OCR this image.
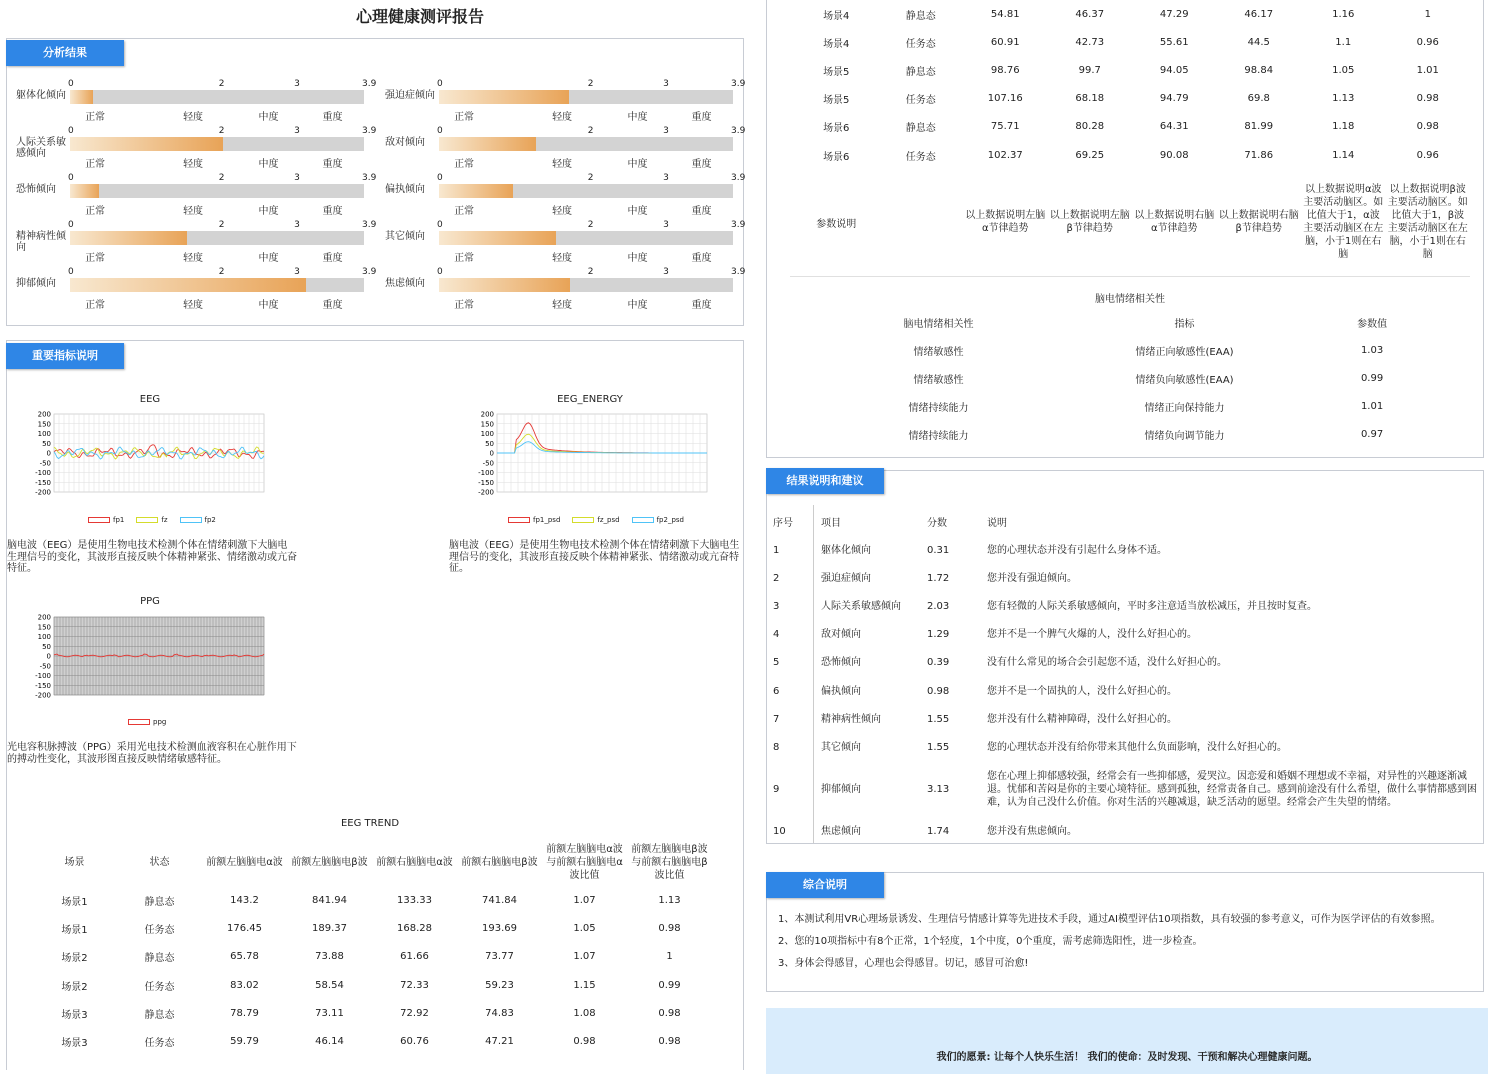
心理健康测评报告
分析结果
躯体化倾向
0	2	3	3.9
正常	轻度	中度	重度
人际关系敏感倾向
0	2	3	3.9
正常	轻度	中度	重度
恐怖倾向
0	2	3	3.9
正常	轻度	中度	重度
精神病性倾向
0	2	3	3.9
正常	轻度	中度	重度
抑郁倾向
0	2	3	3.9
正常	轻度	中度	重度
强迫症倾向
0	2	3	3.9
正常	轻度	中度	重度
敌对倾向
0	2	3	3.9
正常	轻度	中度	重度
偏执倾向
0	2	3	3.9
正常	轻度	中度	重度
其它倾向
0	2	3	3.9
正常	轻度	中度	重度
焦虑倾向
0	2	3	3.9
正常	轻度	中度	重度
重要指标说明
EEG
200
150
100
50
0
-50
-100
-150
-200
fp1	fz	fp2
脑电波（EEG）是使用生物电技术检测个体在情绪刺激下大脑电生理信号的变化，其波形直接反映个体精神紧张、情绪激动或亢奋特征。
EEG_ENERGY
200
150
100
50
0
-50
-100
-150
-200
fp1_psd	fz_psd	fp2_psd
脑电波（EEG）是使用生物电技术检测个体在情绪刺激下大脑电生理信号的变化，其波形直接反映个体精神紧张、情绪激动或亢奋特征。
PPG
200
150
100
50
0
-50
-100
-150
-200
ppg
光电容积脉搏波（PPG）采用光电技术检测血液容积在心脏作用下的搏动性变化，其波形图直接反映情绪敏感特征。
EEG TREND
场景	状态	前额左脑脑电α波	前额左脑脑电β波	前额右脑脑电α波	前额右脑脑电β波	前额左脑脑电α波与前额右脑脑电α波比值	前额左脑脑电β波与前额右脑脑电β波比值
场景1	静息态	143.2	841.94	133.33	741.84	1.07	1.13
场景1	任务态	176.45	189.37	168.28	193.69	1.05	0.98
场景2	静息态	65.78	73.88	61.66	73.77	1.07	1
场景2	任务态	83.02	58.54	72.33	59.23	1.15	0.99
场景3	静息态	78.79	73.11	72.92	74.83	1.08	0.98
场景3	任务态	59.79	46.14	60.76	47.21	0.98	0.98
场景4	静息态	54.81	46.37	47.29	46.17	1.16	1
场景4	任务态	60.91	42.73	55.61	44.5	1.1	0.96
场景5	静息态	98.76	99.7	94.05	98.84	1.05	1.01
场景5	任务态	107.16	68.18	94.79	69.8	1.13	0.98
场景6	静息态	75.71	80.28	64.31	81.99	1.18	0.98
场景6	任务态	102.37	69.25	90.08	71.86	1.14	0.96
参数说明		以上数据说明左脑α节律趋势	以上数据说明左脑β节律趋势	以上数据说明右脑α节律趋势	以上数据说明右脑β节律趋势	以上数据说明α波主要活动脑区。如比值大于1，α波主要活动脑区在左脑，小于1则在右脑	以上数据说明β波主要活动脑区。如比值大于1，β波主要活动脑区在左脑，小于1则在右脑
脑电情绪相关性
脑电情绪相关性	指标	参数值
情绪敏感性	情绪正向敏感性(EAA)	1.03
情绪敏感性	情绪负向敏感性(EAA)	0.99
情绪持续能力	情绪正向保持能力	1.01
情绪持续能力	情绪负向调节能力	0.97
结果说明和建议
序号	项目	分数	说明
1	躯体化倾向	0.31	您的心理状态并没有引起什么身体不适。
2	强迫症倾向	1.72	您并没有强迫倾向。
3	人际关系敏感倾向	2.03	您有轻微的人际关系敏感倾向，平时多注意适当放松减压，并且按时复查。
4	敌对倾向	1.29	您并不是一个脾气火爆的人，没什么好担心的。
5	恐怖倾向	0.39	没有什么常见的场合会引起您不适，没什么好担心的。
6	偏执倾向	0.98	您并不是一个固执的人，没什么好担心的。
7	精神病性倾向	1.55	您并没有什么精神障碍，没什么好担心的。
8	其它倾向	1.55	您的心理状态并没有给你带来其他什么负面影响，没什么好担心的。
9	抑郁倾向	3.13	您在心理上抑郁感较强，经常会有一些抑郁感，爱哭泣。因恋爱和婚姻不理想或不幸福，对异性的兴趣逐渐减退。忧郁和苦闷是你的主要心境特征。感到孤独，经常责备自己。感到前途没有什么希望，做什么事情都感到困难，认为自己没什么价值。你对生活的兴趣减退，缺乏活动的愿望。经常会产生失望的情绪。
10	焦虑倾向	1.74	您并没有焦虑倾向。
综合说明
1、本测试利用VR心理场景诱发、生理信号情感计算等先进技术手段，通过AI模型评估10项指数，具有较强的参考意义，可作为医学评估的有效参照。
2、您的10项指标中有8个正常，1个轻度，1个中度，0个重度，需考虑筛选阳性，进一步检查。
3、身体会得感冒，心理也会得感冒。切记，感冒可治愈!
我们的愿景: 让每个人快乐生活！ 我们的使命：及时发现、干预和解决心理健康问题。
